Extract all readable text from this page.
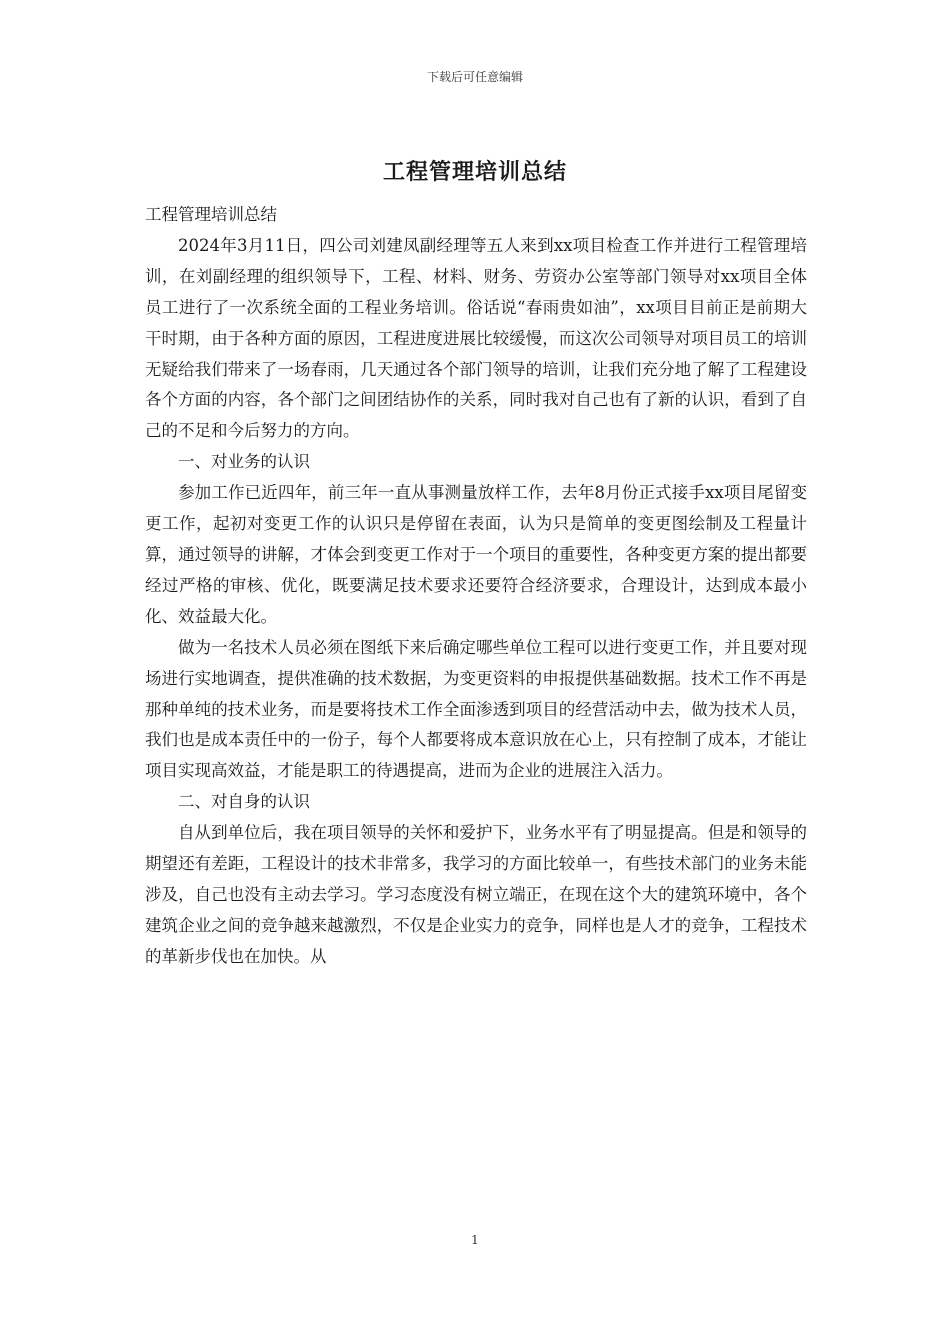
下载后可任意编辑
工程管理培训总结

工程管理培训总结

2024年3月11日，四公司刘建凤副经理等五人来到xx项目检查工作并进行工程管理培训，在刘副经理的组织领导下，工程、材料、财务、劳资办公室等部门领导对xx项目全体员工进行了一次系统全面的工程业务培训。俗话说“春雨贵如油”，xx项目目前正是前期大干时期，由于各种方面的原因，工程进度进展比较缓慢，而这次公司领导对项目员工的培训无疑给我们带来了一场春雨，几天通过各个部门领导的培训，让我们充分地了解了工程建设各个方面的内容，各个部门之间团结协作的关系，同时我对自己也有了新的认识，看到了自己的不足和今后努力的方向。

一、对业务的认识

参加工作已近四年，前三年一直从事测量放样工作，去年8月份正式接手xx项目尾留变更工作，起初对变更工作的认识只是停留在表面，认为只是简单的变更图绘制及工程量计算，通过领导的讲解，才体会到变更工作对于一个项目的重要性，各种变更方案的提出都要经过严格的审核、优化，既要满足技术要求还要符合经济要求，合理设计，达到成本最小化、效益最大化。

做为一名技术人员必须在图纸下来后确定哪些单位工程可以进行变更工作，并且要对现场进行实地调查，提供准确的技术数据，为变更资料的申报提供基础数据。技术工作不再是那种单纯的技术业务，而是要将技术工作全面渗透到项目的经营活动中去，做为技术人员，我们也是成本责任中的一份子，每个人都要将成本意识放在心上，只有控制了成本，才能让项目实现高效益，才能是职工的待遇提高，进而为企业的进展注入活力。

二、对自身的认识

自从到单位后，我在项目领导的关怀和爱护下，业务水平有了明显提高。但是和领导的期望还有差距，工程设计的技术非常多，我学习的方面比较单一，有些技术部门的业务未能涉及，自己也没有主动去学习。学习态度没有树立端正，在现在这个大的建筑环境中，各个建筑企业之间的竞争越来越激烈，不仅是企业实力的竞争，同样也是人才的竞争，工程技术的革新步伐也在加快。从

1
